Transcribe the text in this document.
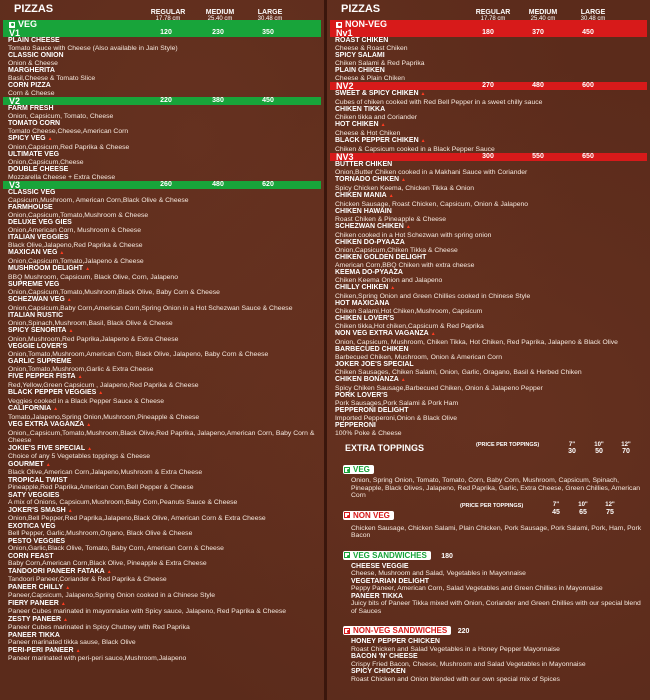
PIZZAS	REGULAR	MEDIUM	LARGE

VEG
V1	120	230	350
PLAIN CHEESE
Tomato Sauce with Cheese (Also available in Jain Style)
CLASSIC ONION
Onion & Cheese
MARGHERITA
Basil,Cheese & Tomato Slice
CORN PIZZA
Corn & Cheese
V2	220	380	450
FARM FRESH
Onion, Capsicum, Tomato, Cheese
TOMATO CORN
Tomato Cheese,Cheese,American Corn
SPICY VEG ▲
Onion,Capsicum,Red Paprika & Cheese
ULTIMATE VEG
Onion,Capsicum,Cheese
DOUBLE CHEESE
Mozzarella Cheese + Extra Cheese
V3	260	480	620
CLASSIC VEG
Capsicum,Mushroom, American Corn,Black Olive & Cheese
FARMHOUSE
Onion,Capsicum,Tomato,Mushroom & Cheese
DELUXE VEG GIES
Onion,American Corn, Mushroom & Cheese
ITALIAN VEGGIES
Black Olive,Jalapeno,Red Paprika & Cheese
MAXICAN VEG ▲
Onion,Capsicum,Tomato,Jalapeno & Cheese
MUSHROOM DELIGHT ▲
BBQ Mushroom, Capsicum, Black Olive, Corn, Jalapeno
SUPREME VEG
Onion,Capsicum,Tomato,Mushroom,Black Olive, Baby Corn & Cheese
SCHEZWAN VEG ▲
Onion,Capsicum,Baby Corn,American Corn,Spring Onion in a Hot Schezwan Sauce & Cheese
ITALIAN RUSTIC
Onion,Spinach,Mushroom,Basil, Black Olive & Cheese
SPICY SENORITA ▲
Onion,Mushroom,Red Paprika,Jalapeno & Extra Cheese
VEGGIE LOVER'S
Onion,Tomato,Mushroom,American Corn, Black Olive, Jalapeno, Baby Corn & Cheese
GARLIC SUPREME
Onion,Tomato,Mushroom,Garlic & Extra Cheese
FIVE PEPPER FISTA ▲
Red,Yellow,Green Capsicum , Jalapeno,Red Paprika & Cheese
BLACK PEPPER VEGGIES ▲
Veggies cooked in a Black Pepper Sauce & Cheese
CALIFORNIA ▲
Tomato,Jalapeno,Spring Onion,Mushroom,Pineapple & Cheese
VEG EXTRA VAGANZA ▲
Onion,,Capsicum,Tomato,Mushroom,Black Olive,Red Paprika, Jalapeno,American Corn, Baby Corn & Cheese
JOKIE'S FIVE SPECIAL ▲
Choice of any 5 Vegetables toppings & Cheese
GOURMET ▲
Black Olive,American Corn,Jalapeno,Mushroom & Extra Cheese
TROPICAL TWIST
Pineapple,Red Paprika,American Corn,Bell Pepper & Cheese
SATY VEGGIES
A mix of Onions, Capsicum,Mushroom,Baby Corn,Peanuts Sauce & Cheese
JOKER'S SMASH ▲
Onion,Bell Pepper,Red Paprika,Jalapeno,Black Olive, American Corn & Extra Cheese
EXOTICA VEG
Bell Pepper, Garlic,Mushroom,Organo, Black Olive & Cheese
PESTO VEGGIES
Onion,Garlic,Black Olive, Tomato, Baby Corn, American Corn & Cheese
CORN FEAST
Baby Corn,American Corn,Black Olive, Pineapple & Extra Cheese
TANDOORI PANEER FATAKA ▲
Tandoori Paneer,Coriander & Red Paprika & Cheese
PANEER CHILLY ▲
Paneer,Capsicum, Jalapeno,Spring Onion cooked in a Chinese Style
FIERY PANEER ▲
Paneer Cubes marinated in mayonnaise with Spicy sauce, Jalapeno, Red Paprika & Cheese
ZESTY PANEER ▲
Paneer Cubes marinated in Spicy Chutney with Red Paprika
PANEER TIKKA
Paneer marinated tikka sause, Black Olive
PERI-PERI PANEER ▲
Paneer marinated with peri-peri sauce,Mushroom,Jalapeno
PIZZAS	REGULAR	MEDIUM	LARGE

NON-VEG
Nv1	180	370	450
ROAST CHIKEN
Cheese & Roast Chiken
SPICY SALAMI
Chiken Salami & Red Paprika
PLAIN CHIKEN
Cheese & Plain Chiken
NV2	270	480	600
SWEET & SPICY CHIKEN ▲
Cubes of chiken cooked with Red Bell Pepper in a sweet chilly sauce
CHIKEN TIKKA
Chiken tikka and Coriander
HOT CHIKEN ▲
Cheese & Hot Chiken
BLACK PEPPER CHIKEN ▲
Chiken & Capsicum cooked in a Black Pepper Sauce
NV3	300	550	650
BUTTER CHIKEN
Onion,Butter Chiken cooked in a Makhani Sauce with Coriander
TORNADO CHIKEN ▲
Spicy Chicken Keema, Chicken Tikka & Onion
CHIKEN MANIA ▲
Chicken Sausage, Roast Chicken, Capsicum, Onion & Jalapeno
CHIKEN HAWAIN
Roast Chiken & Pineapple & Cheese
SCHEZWAN CHIKEN ▲
Chiken cooked in a Hot Schezwan with spring onion
CHIKEN DO-PYAAZA
Onion,Capsicum,Chiken Tikka & Cheese
CHIKEN GOLDEN DELIGHT
American Corn,BBQ Chiken with extra cheese
KEEMA DO-PYAAZA
Chiken Keema Onion and Jalapeno
CHILLY CHIKEN ▲
Chiken,Spring Onion and Green Chillies cooked in Chinese Style
HOT MAXICANA
Chiken Salami,Hot Chiken,Mushroom, Capsicum
CHIKEN LOVER'S
Chiken tikka,Hot chiken,Capsicum & Red Paprika
NON VEG EXTRA VAGANZA ▲
Onion, Capsicum, Mushroom, Chiken Tikka, Hot Chiken, Red Paprika, Jalapeno & Black Olive
BARBECUED CHIKEN
Barbecued Chiken, Mushroom, Onion & American Corn
JOKER JOE'S SPECIAL
Chiken Sausages, Chiken Salami, Onion, Garlic, Oragano, Basil & Herbed Chiken
CHIKEN BONANZA ▲
Spicy Chiken Sausage,Barbecued Chiken, Onion & Jalapeno Pepper
PORK LOVER'S
Pork Sausages,Pork Salami & Pork Ham
PEPPERONI DELIGHT
Imported Pepperoni,Onion & Black Olive
PEPPERONI
100% Poke & Cheese
EXTRA TOPPINGS	(PRICE PER TOPPINGS)	7"	10"	12"
30	50	70
VEG
Onion, Spring Onion, Tomato, Tomato, Corn, Baby Corn, Mushroom, Capsicum, Spinach, Pineapple, Black Olives, Jalapeno, Red Paprika, Garlic, Extra Cheese, Green Chillies, American Corn
NON VEG
(PRICE PER TOPPINGS)	7"	10"	12"
45	65	75
Chicken Sausage, Chicken Salami, Plain Chicken, Pork Sausage, Pork Salami, Pork, Ham, Pork Bacon
VEG SANDWICHES 180
CHEESE VEGGIE
Cheese, Mushroom and Salad, Vegetables in Mayonnaise
VEGETARIAN DELIGHT
Peppy Paneer, American Corn, Salad Vegetables and Green Chillies in Mayonnaise
PANEER TIKKA
Juicy bits of Paneer Tikka mixed with Onion, Coriander and Green Chillies with our special blend of Sauces
NON-VEG SANDWICHES 220
HONEY PEPPER CHICKEN
Roast Chicken and Salad Vegetables in a Honey Pepper Mayonnaise
BACON 'N' CHEESE
Crispy Fried Bacon, Cheese, Mushroom and Salad Vegetables in Mayonnaise
SPICY CHICKEN
Roast Chicken and Onion blended with our own special mix of Spices
